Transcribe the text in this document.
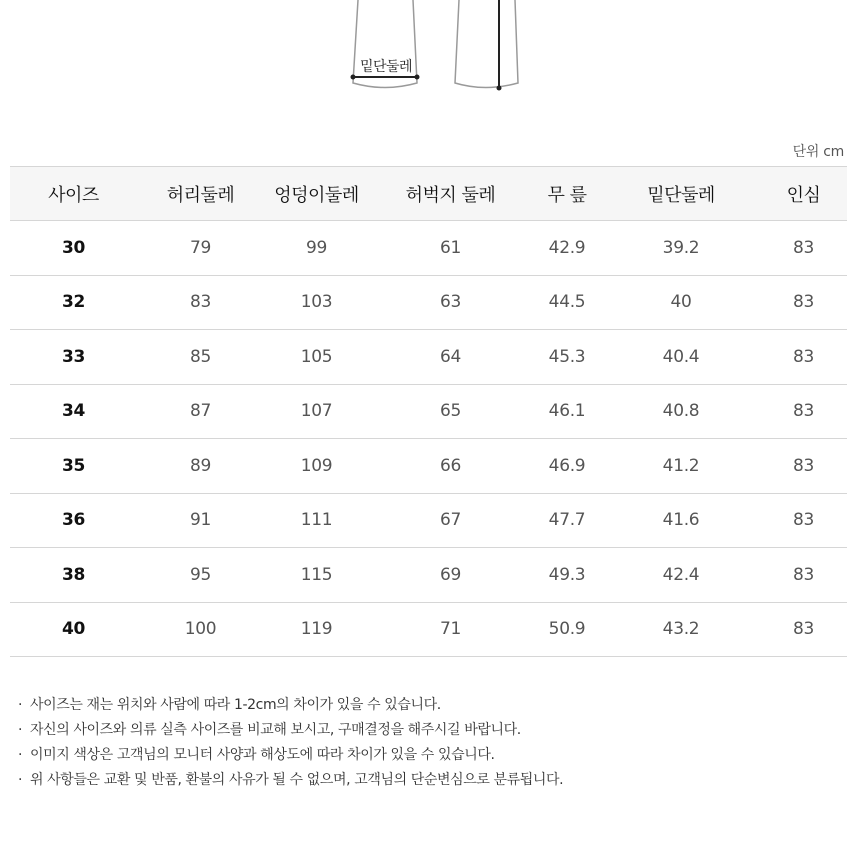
밑단둘레
단위 cm
사이즈	허리둘레	엉덩이둘레	허벅지 둘레	무 릎	밑단둘레	인심
30	79	99	61	42.9	39.2	83
32	83	103	63	44.5	40	83
33	85	105	64	45.3	40.4	83
34	87	107	65	46.1	40.8	83
35	89	109	66	46.9	41.2	83
36	91	111	67	47.7	41.6	83
38	95	115	69	49.3	42.4	83
40	100	119	71	50.9	43.2	83
· 사이즈는 재는 위치와 사람에 따라 1-2cm의 차이가 있을 수 있습니다.
· 자신의 사이즈와 의류 실측 사이즈를 비교해 보시고, 구매결정을 해주시길 바랍니다.
· 이미지 색상은 고객님의 모니터 사양과 해상도에 따라 차이가 있을 수 있습니다.
· 위 사항들은 교환 및 반품, 환불의 사유가 될 수 없으며, 고객님의 단순변심으로 분류됩니다.
